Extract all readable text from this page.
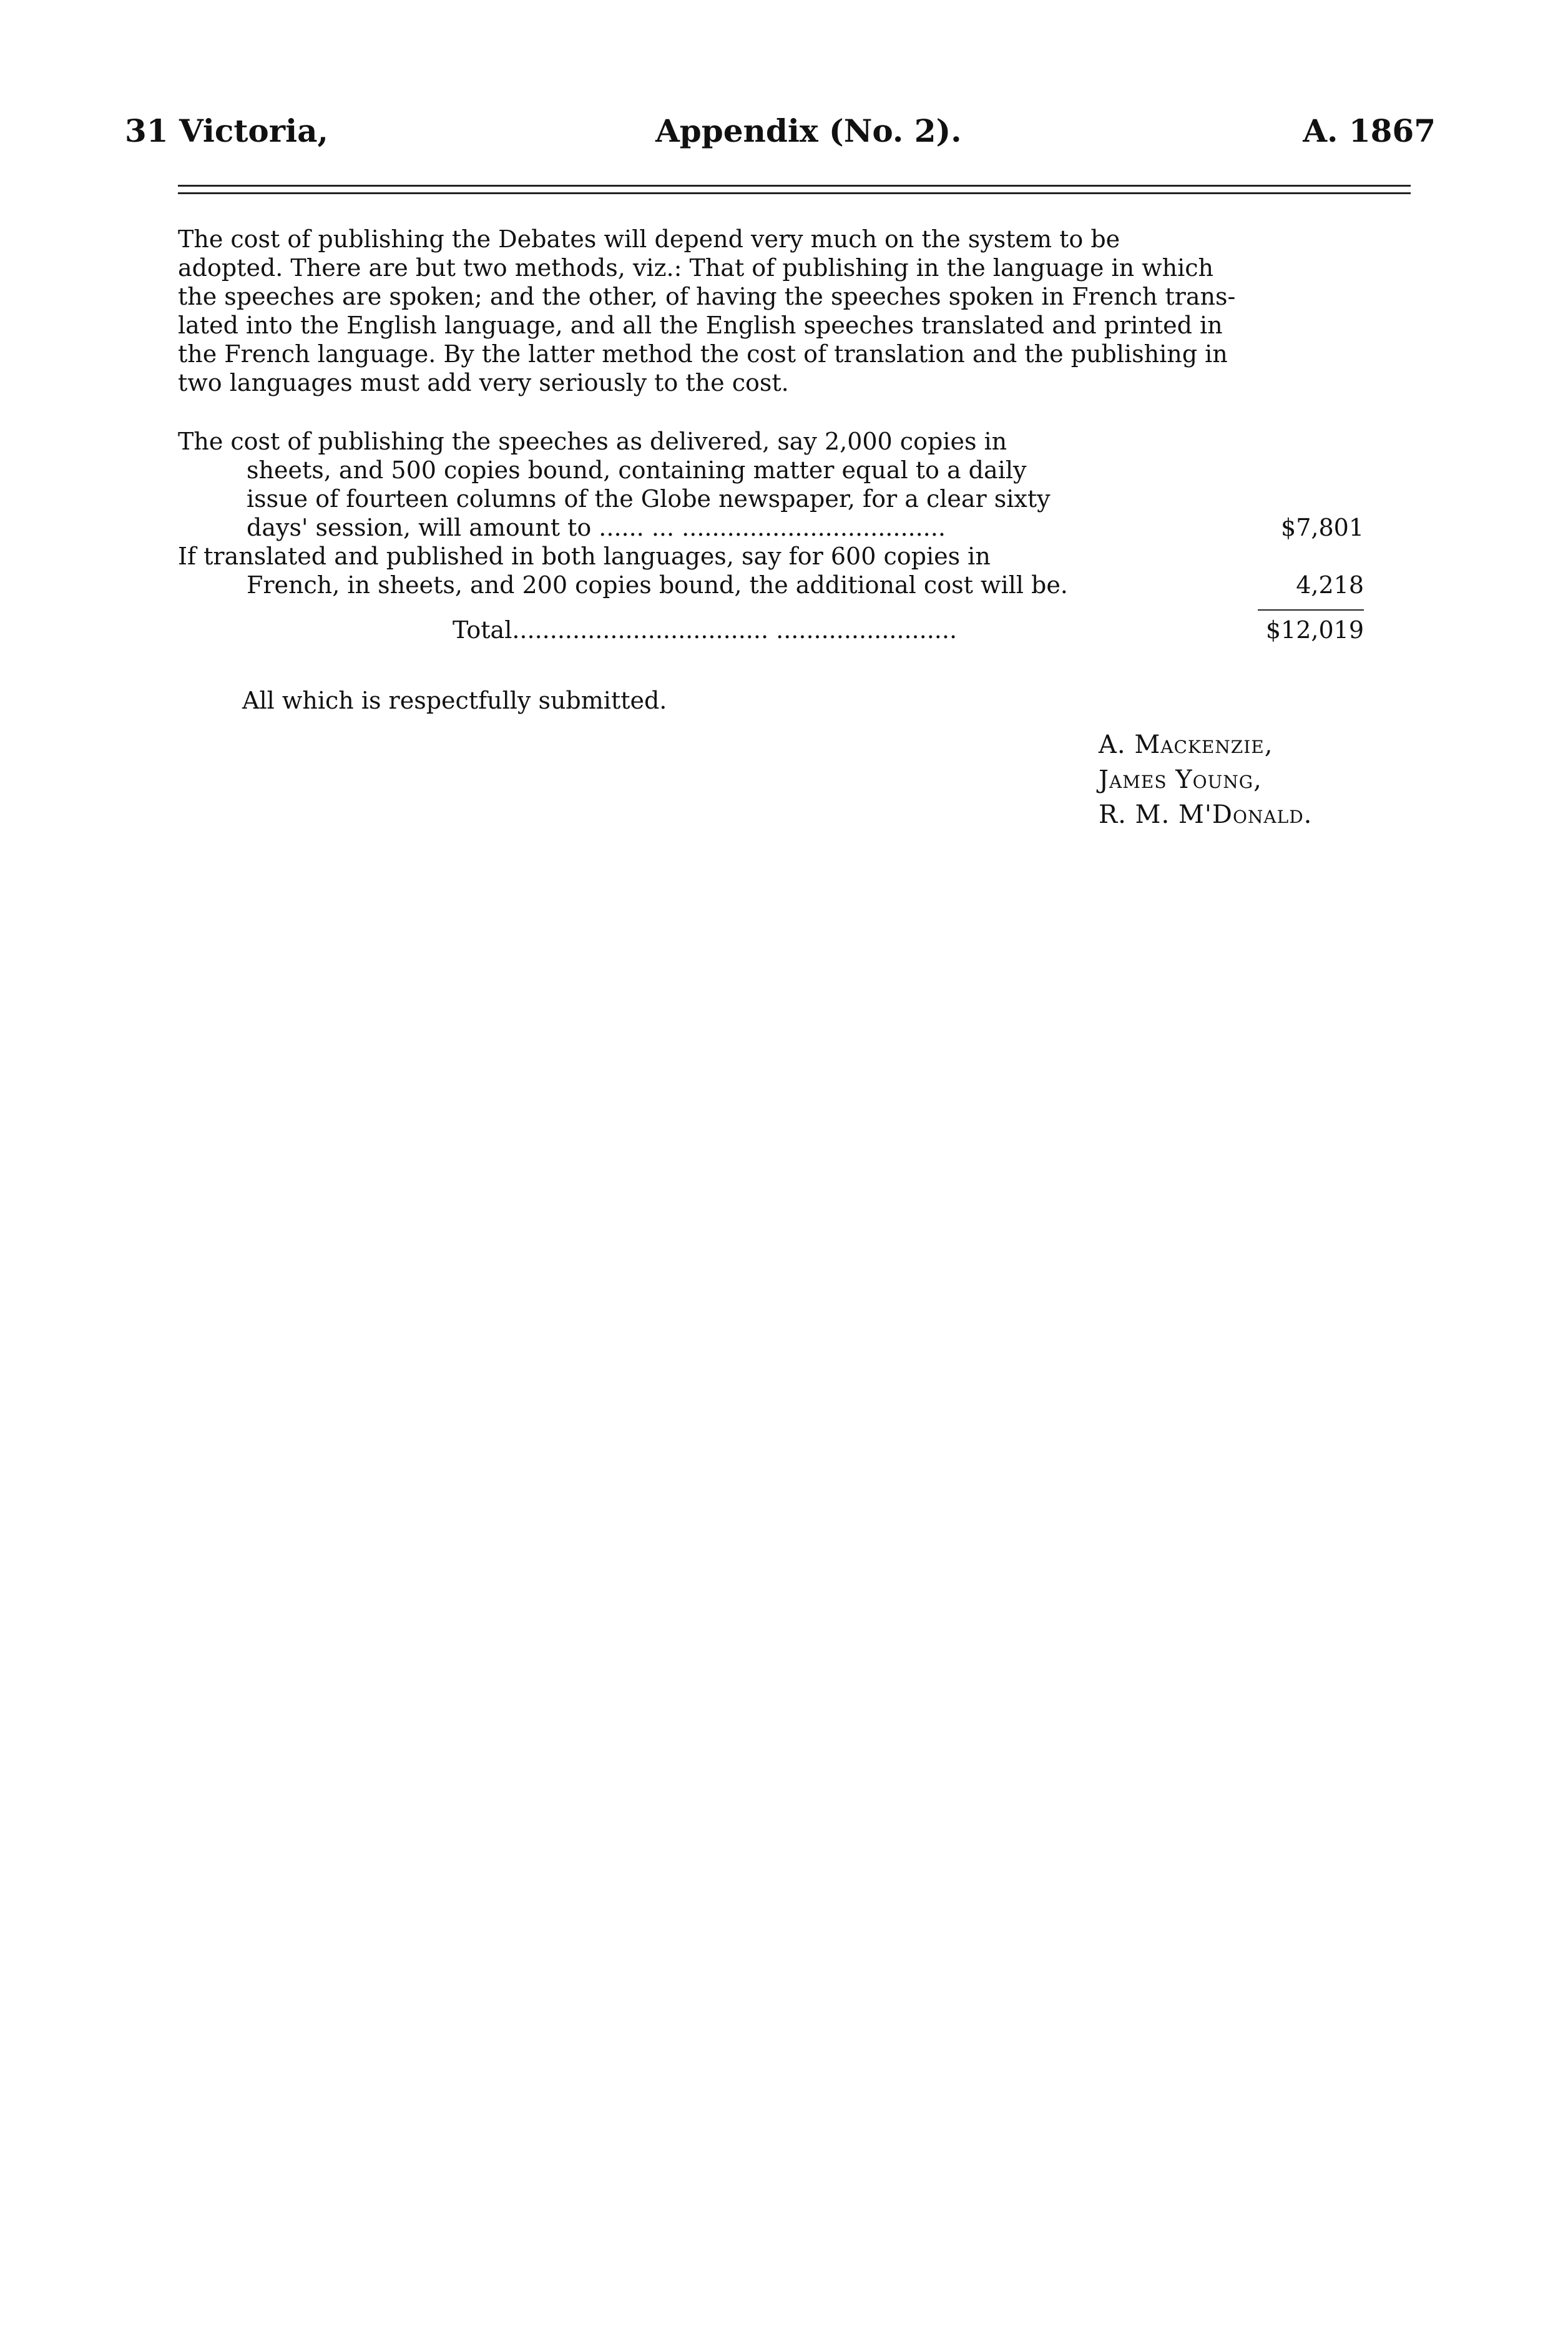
31 Victoria,	Appendix (No. 2).	A. 1867
The cost of publishing the Debates will depend very much on the system to be
adopted. There are but two methods, viz.: That of publishing in the language in which
the speeches are spoken; and the other, of having the speeches spoken in French trans-
lated into the English language, and all the English speeches translated and printed in
the French language. By the latter method the cost of translation and the publishing in
two languages must add very seriously to the cost.
The cost of publishing the speeches as delivered, say 2,000 copies in
sheets, and 500 copies bound, containing matter equal to a daily
issue of fourteen columns of the Globe newspaper, for a clear sixty
days' session, will amount to ...... ... ...................................	$7,801
If translated and published in both languages, say for 600 copies in
French, in sheets, and 200 copies bound, the additional cost will be.	4,218
Total.................................. ........................	$12,019
All which is respectfully submitted.
A. Mackenzie,
James Young,
R. M. M'Donald.
